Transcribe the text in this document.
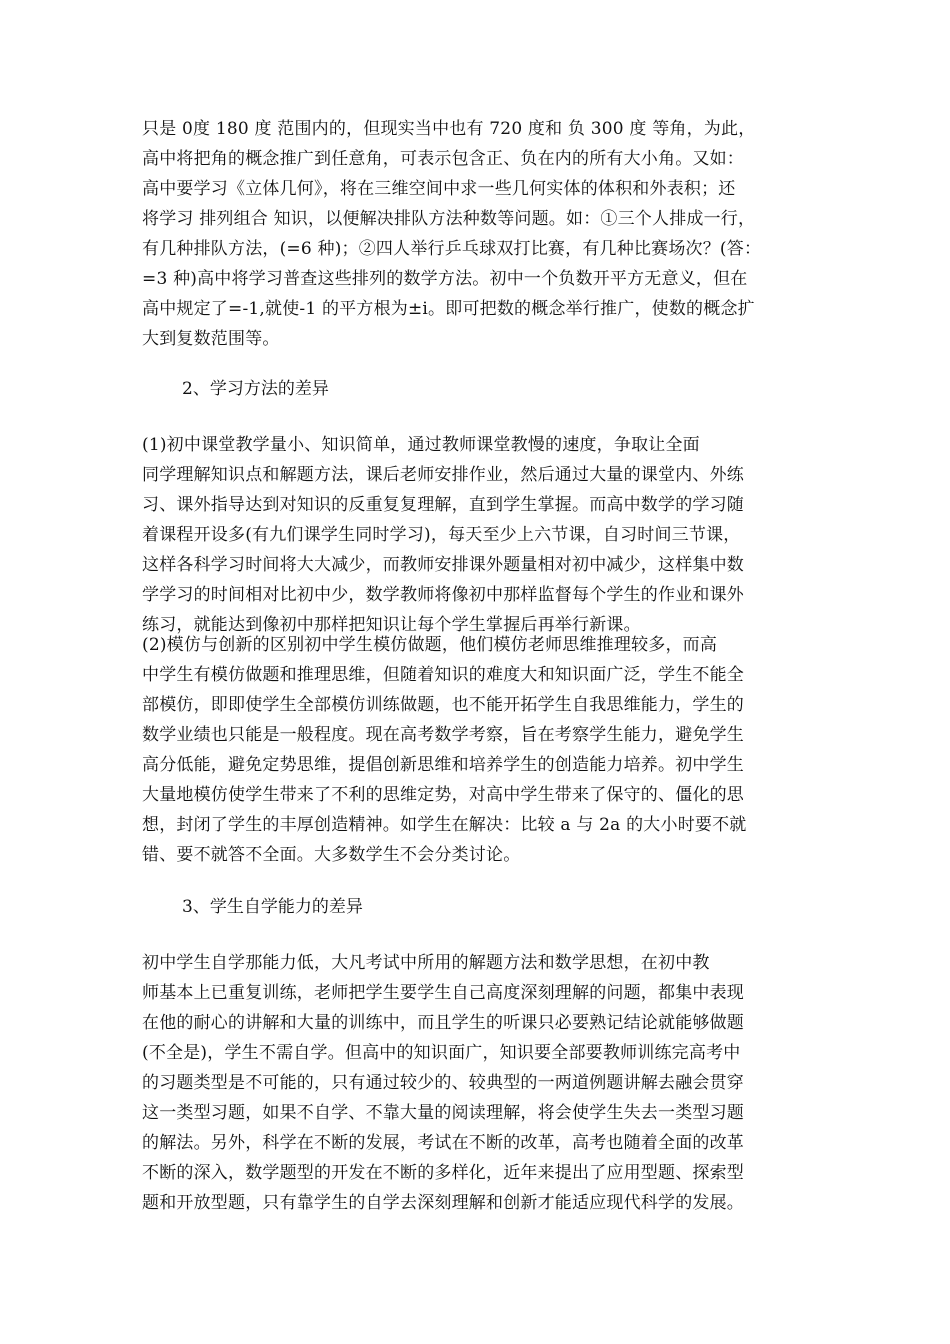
只是 0度 180 度 范围内的，但现实当中也有 720 度和 负 300 度 等角，为此，
高中将把角的概念推广到任意角，可表示包含正、负在内的所有大小角。又如：
高中要学习《立体几何》，将在三维空间中求一些几何实体的体积和外表积；还
将学习 排列组合 知识，以便解决排队方法种数等问题。如：①三个人排成一行，
有几种排队方法，(=6 种)；②四人举行乒乓球双打比赛，有几种比赛场次？(答：
=3 种)高中将学习普查这些排列的数学方法。初中一个负数开平方无意义，但在
高中规定了=-1,就使-1 的平方根为±i。即可把数的概念举行推广，使数的概念扩
大到复数范围等。
2、学习方法的差异
(1)初中课堂教学量小、知识简单，通过教师课堂教慢的速度，争取让全面
同学理解知识点和解题方法，课后老师安排作业，然后通过大量的课堂内、外练
习、课外指导达到对知识的反重复复理解，直到学生掌握。而高中数学的学习随
着课程开设多(有九们课学生同时学习)，每天至少上六节课，自习时间三节课，
这样各科学习时间将大大减少，而教师安排课外题量相对初中减少，这样集中数
学学习的时间相对比初中少，数学教师将像初中那样监督每个学生的作业和课外
练习，就能达到像初中那样把知识让每个学生掌握后再举行新课。
(2)模仿与创新的区别初中学生模仿做题，他们模仿老师思维推理较多，而高
中学生有模仿做题和推理思维，但随着知识的难度大和知识面广泛，学生不能全
部模仿，即即使学生全部模仿训练做题，也不能开拓学生自我思维能力，学生的
数学业绩也只能是一般程度。现在高考数学考察，旨在考察学生能力，避免学生
高分低能，避免定势思维，提倡创新思维和培养学生的创造能力培养。初中学生
大量地模仿使学生带来了不利的思维定势，对高中学生带来了保守的、僵化的思
想，封闭了学生的丰厚创造精神。如学生在解决：比较 a 与 2a 的大小时要不就
错、要不就答不全面。大多数学生不会分类讨论。
3、学生自学能力的差异
初中学生自学那能力低，大凡考试中所用的解题方法和数学思想，在初中教
师基本上已重复训练，老师把学生要学生自己高度深刻理解的问题，都集中表现
在他的耐心的讲解和大量的训练中，而且学生的听课只必要熟记结论就能够做题
(不全是)，学生不需自学。但高中的知识面广，知识要全部要教师训练完高考中
的习题类型是不可能的，只有通过较少的、较典型的一两道例题讲解去融会贯穿
这一类型习题，如果不自学、不靠大量的阅读理解，将会使学生失去一类型习题
的解法。另外，科学在不断的发展，考试在不断的改革，高考也随着全面的改革
不断的深入，数学题型的开发在不断的多样化，近年来提出了应用型题、探索型
题和开放型题，只有靠学生的自学去深刻理解和创新才能适应现代科学的发展。
